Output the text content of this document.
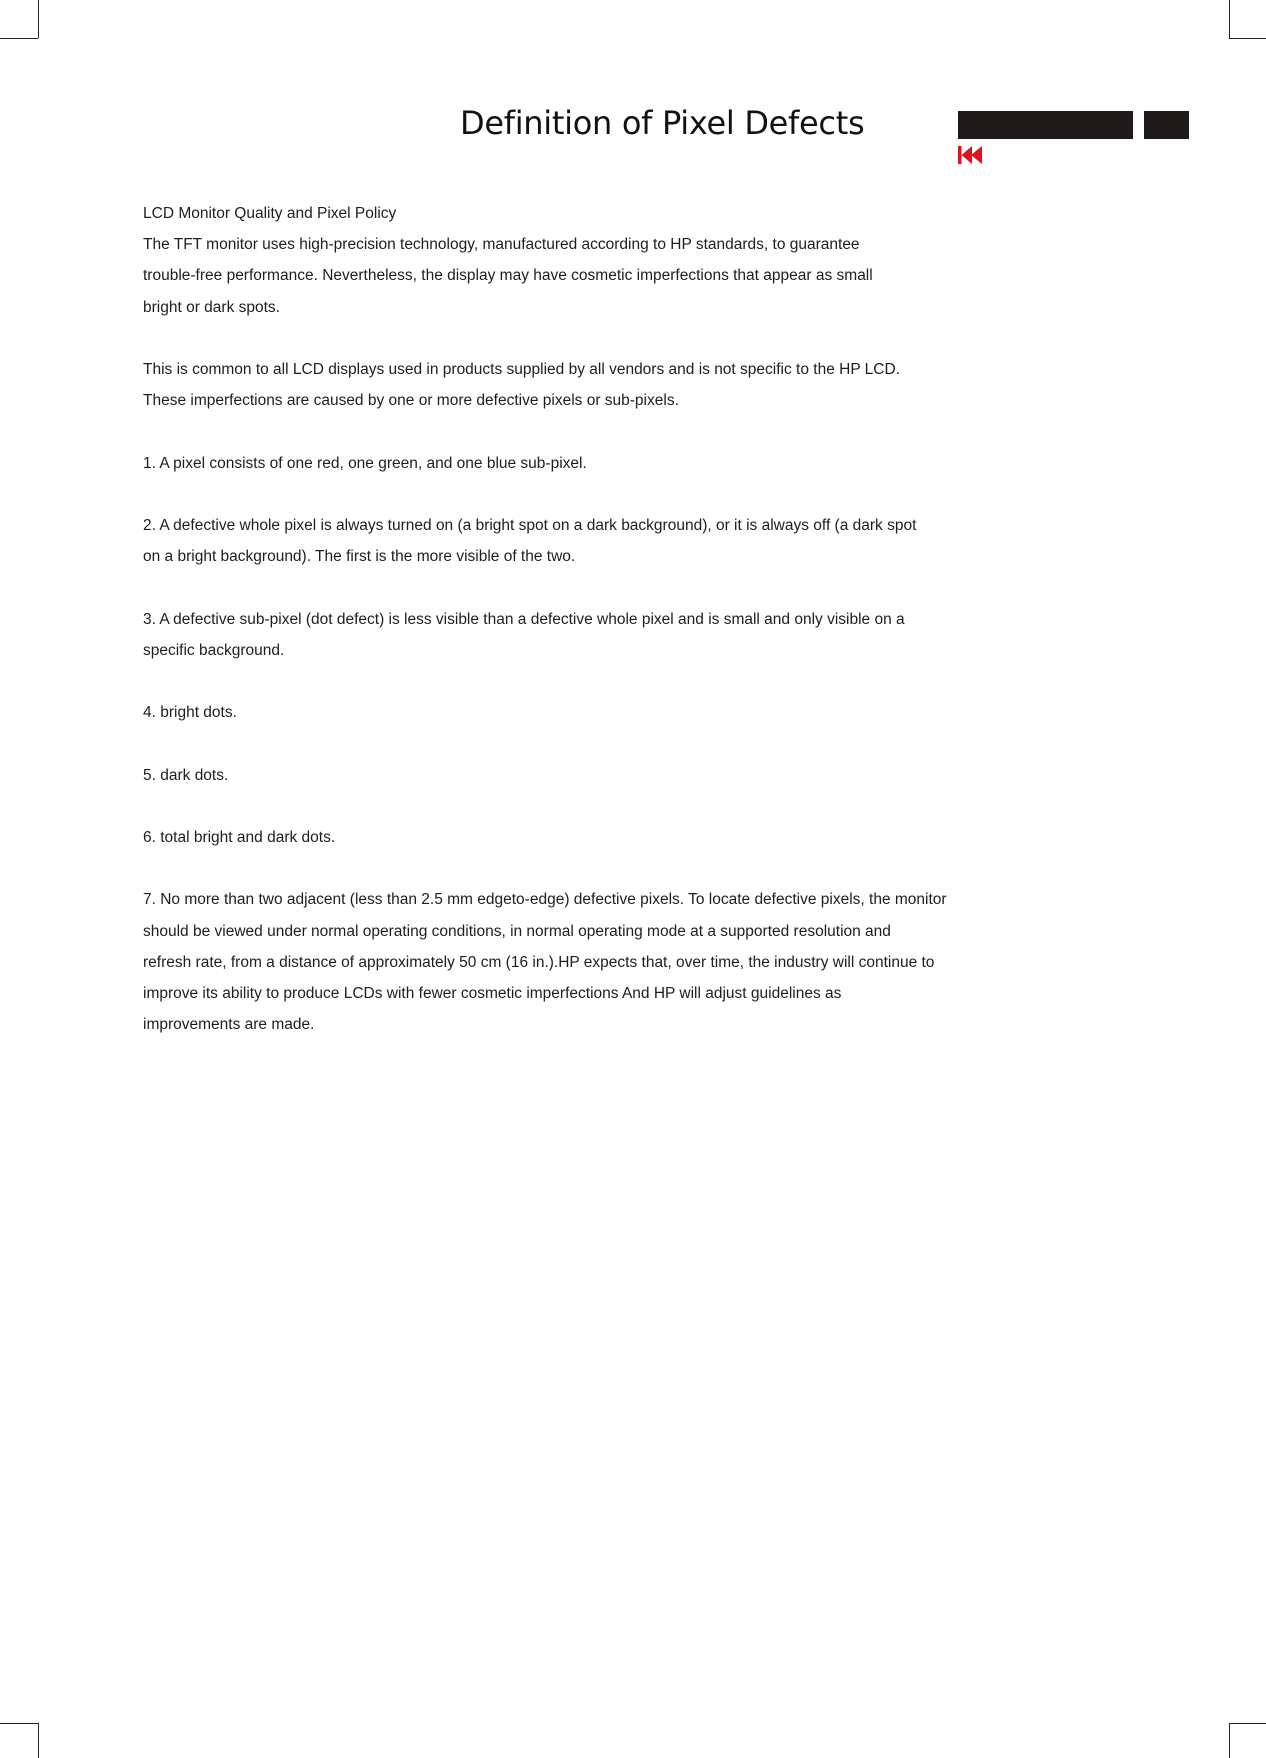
Definition of Pixel Defects

LCD Monitor Quality and Pixel Policy

The TFT monitor uses high-precision technology, manufactured according to HP standards, to guarantee

trouble-free performance. Nevertheless, the display may have cosmetic imperfections that appear as small

bright or dark spots.

This is common to all LCD displays used in products supplied by all vendors and is not specific to the HP LCD.

These imperfections are caused by one or more defective pixels or sub-pixels.

1. A pixel consists of one red, one green, and one blue sub-pixel.

2. A defective whole pixel is always turned on (a bright spot on a dark background), or it is always off (a dark spot

on a bright background). The first is the more visible of the two.

3. A defective sub-pixel (dot defect) is less visible than a defective whole pixel and is small and only visible on a

specific background.

4. bright dots.

5. dark dots.

6. total bright and dark dots.

7. No more than two adjacent (less than 2.5 mm edgeto-edge) defective pixels. To locate defective pixels, the monitor

should be viewed under normal operating conditions, in normal operating mode at a supported resolution and

refresh rate, from a distance of approximately 50 cm (16 in.).HP expects that, over time, the industry will continue to

improve its ability to produce LCDs with fewer cosmetic imperfections And HP will adjust guidelines as

improvements are made.
